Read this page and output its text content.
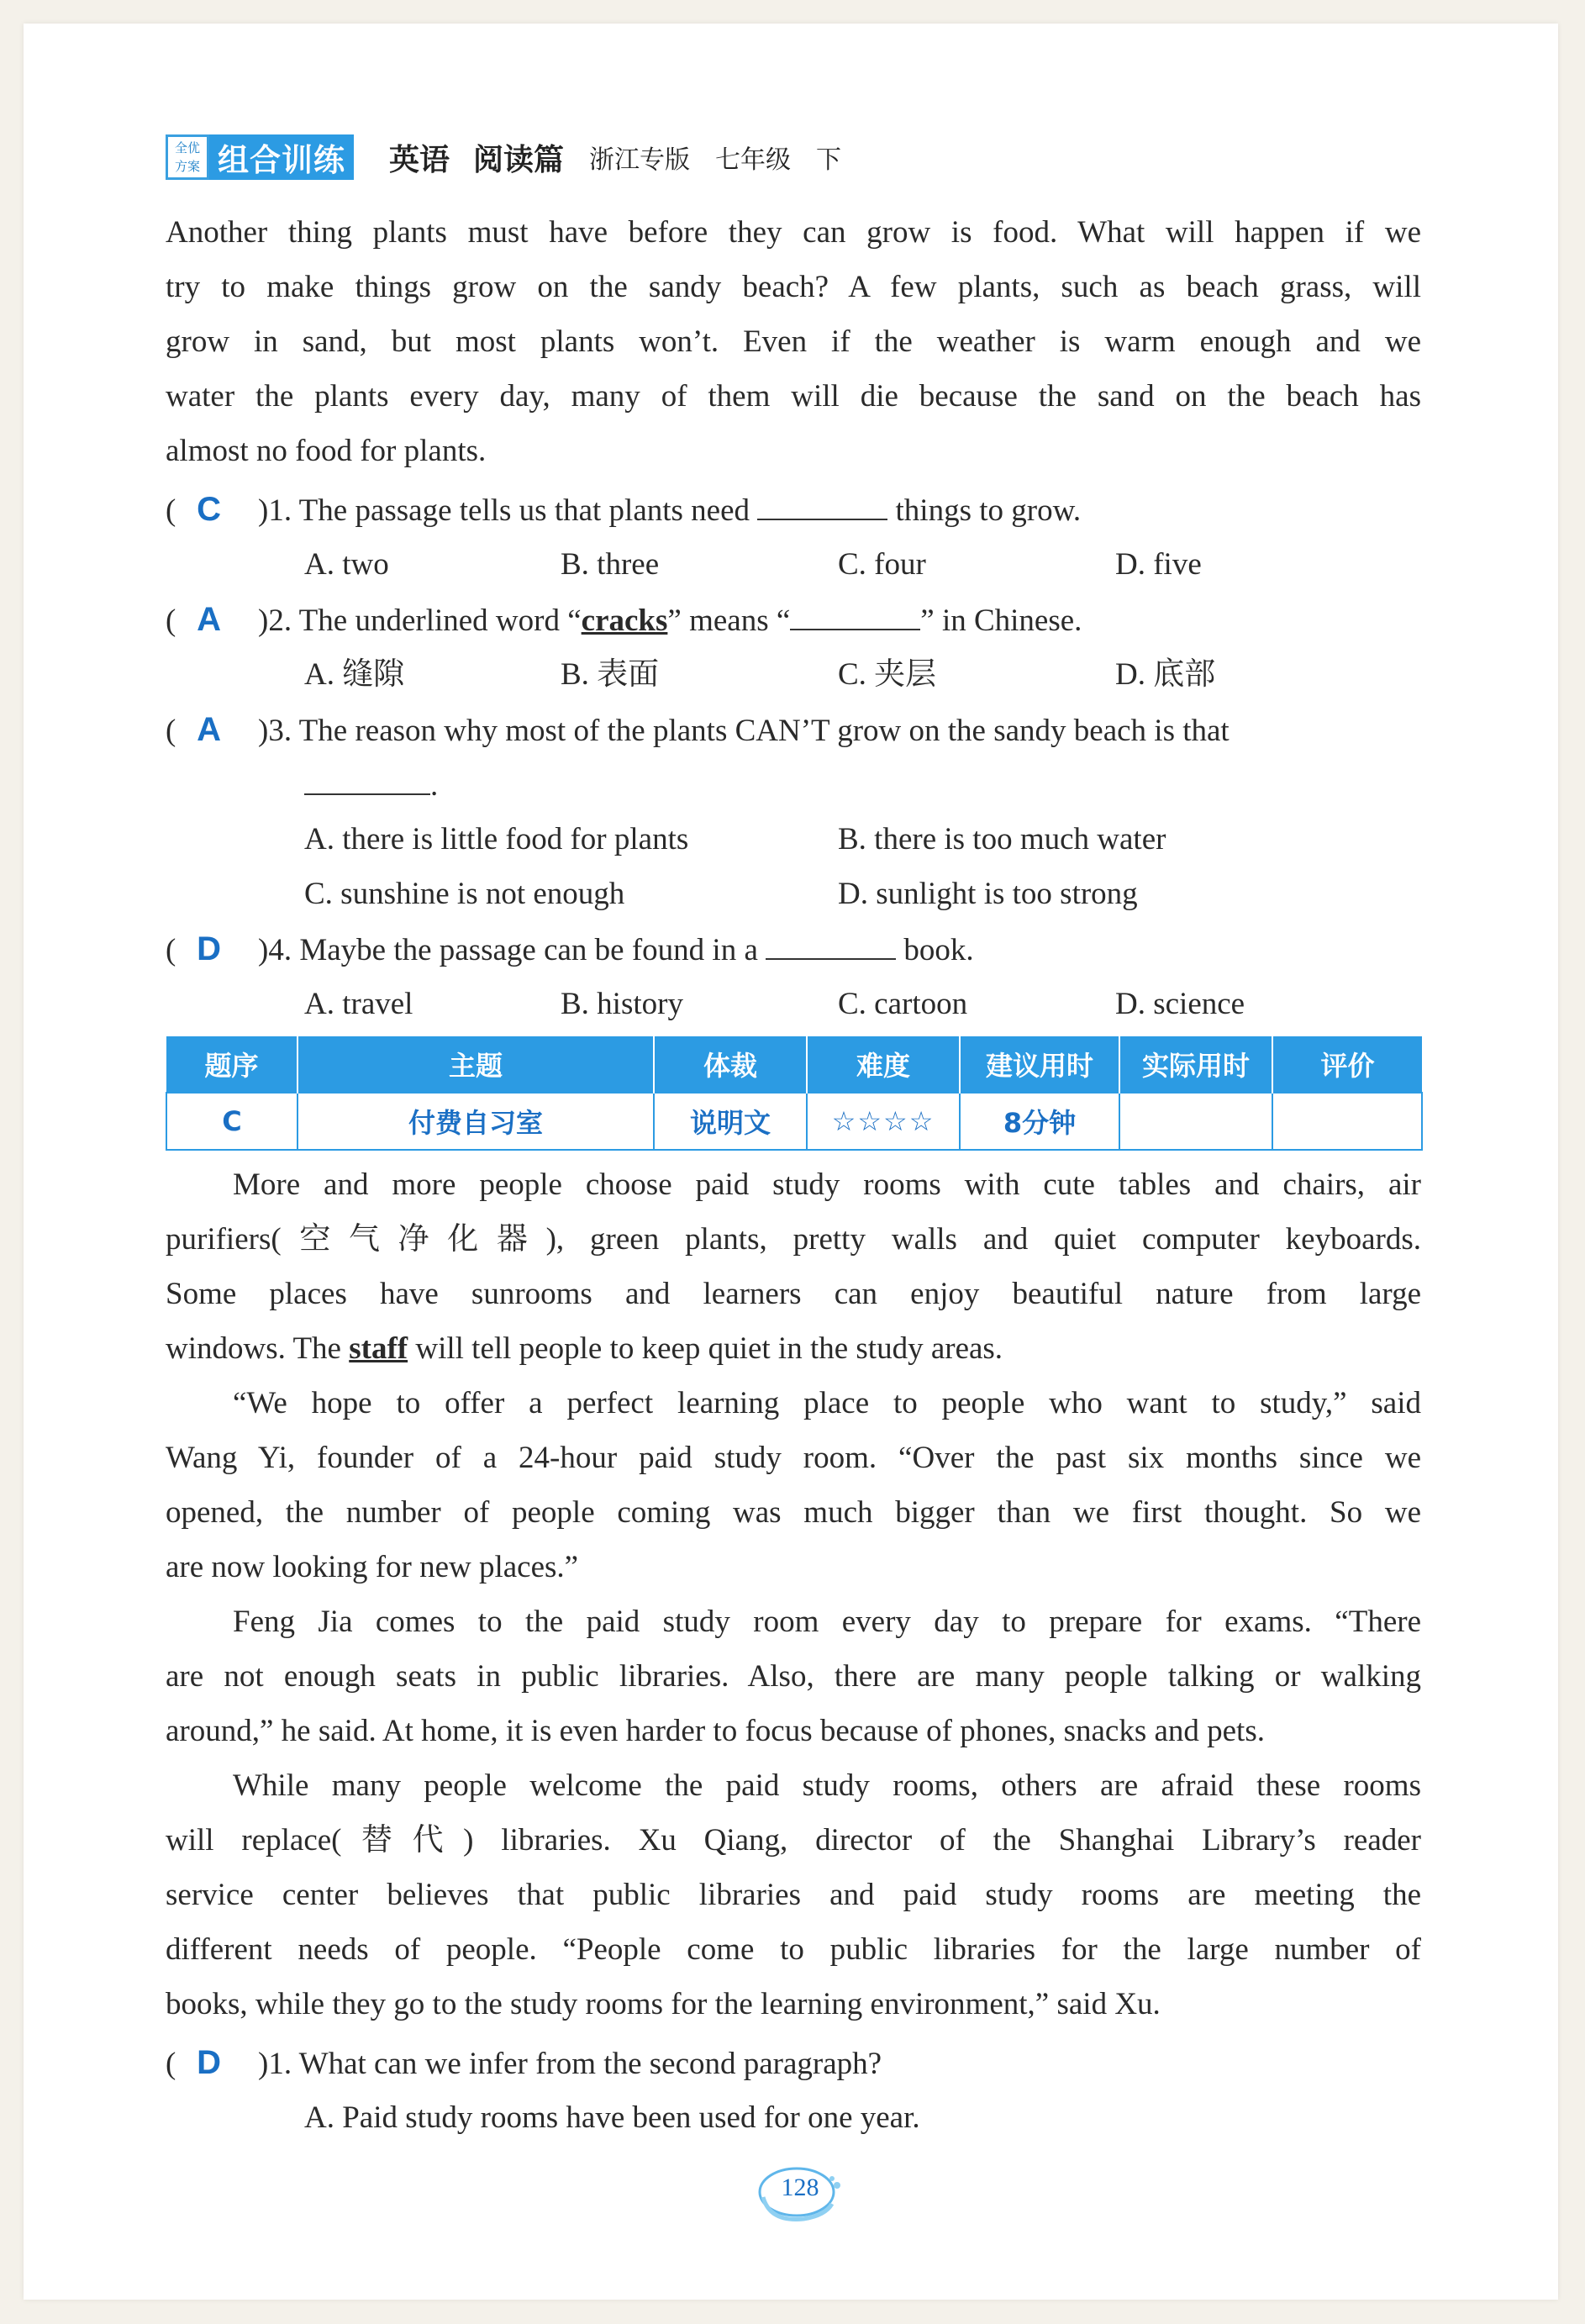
全优
方案 组合训练 英语 阅读篇 浙江专版 七年级 下

Another thing plants must have before they can grow is food. What will happen if we

try to make things grow on the sandy beach? A few plants, such as beach grass, will

grow in sand, but most plants won’t. Even if the weather is warm enough and we

water the plants every day, many of them will die because the sand on the beach has

almost no food for plants.

( C )1. The passage tells us that plants need	things to grow.
A. two	B. three	C. four	D. five
( A )2. The underlined word “cracks” means “	” in Chinese.
A. 缝隙	B. 表面	C. 夹层	D. 底部
( A )3. The reason why most of the plants CAN’T grow on the sandy beach is that
.
A. there is little food for plants	B. there is too much water
C. sunshine is not enough	D. sunlight is too strong
( D )4. Maybe the passage can be found in a	book.
A. travel	B. history	C. cartoon	D. science
题序	主题	体裁	难度	建议用时	实际用时	评价
C	付费自习室	说明文	☆☆☆☆	8分钟		

More and more people choose paid study rooms with cute tables and chairs, air

purifiers(空气净化器), green plants, pretty walls and quiet computer keyboards.

Some places have sunrooms and learners can enjoy beautiful nature from large

windows. The staff will tell people to keep quiet in the study areas.

“We hope to offer a perfect learning place to people who want to study,” said

Wang Yi, founder of a 24-hour paid study room. “Over the past six months since we

opened, the number of people coming was much bigger than we first thought. So we

are now looking for new places.”

Feng Jia comes to the paid study room every day to prepare for exams. “There

are not enough seats in public libraries. Also, there are many people talking or walking

around,” he said. At home, it is even harder to focus because of phones, snacks and pets.

While many people welcome the paid study rooms, others are afraid these rooms

will replace(替代) libraries. Xu Qiang, director of the Shanghai Library’s reader

service center believes that public libraries and paid study rooms are meeting the

different needs of people. “People come to public libraries for the large number of

books, while they go to the study rooms for the learning environment,” said Xu.

( D )1. What can we infer from the second paragraph?
A. Paid study rooms have been used for one year.
128
